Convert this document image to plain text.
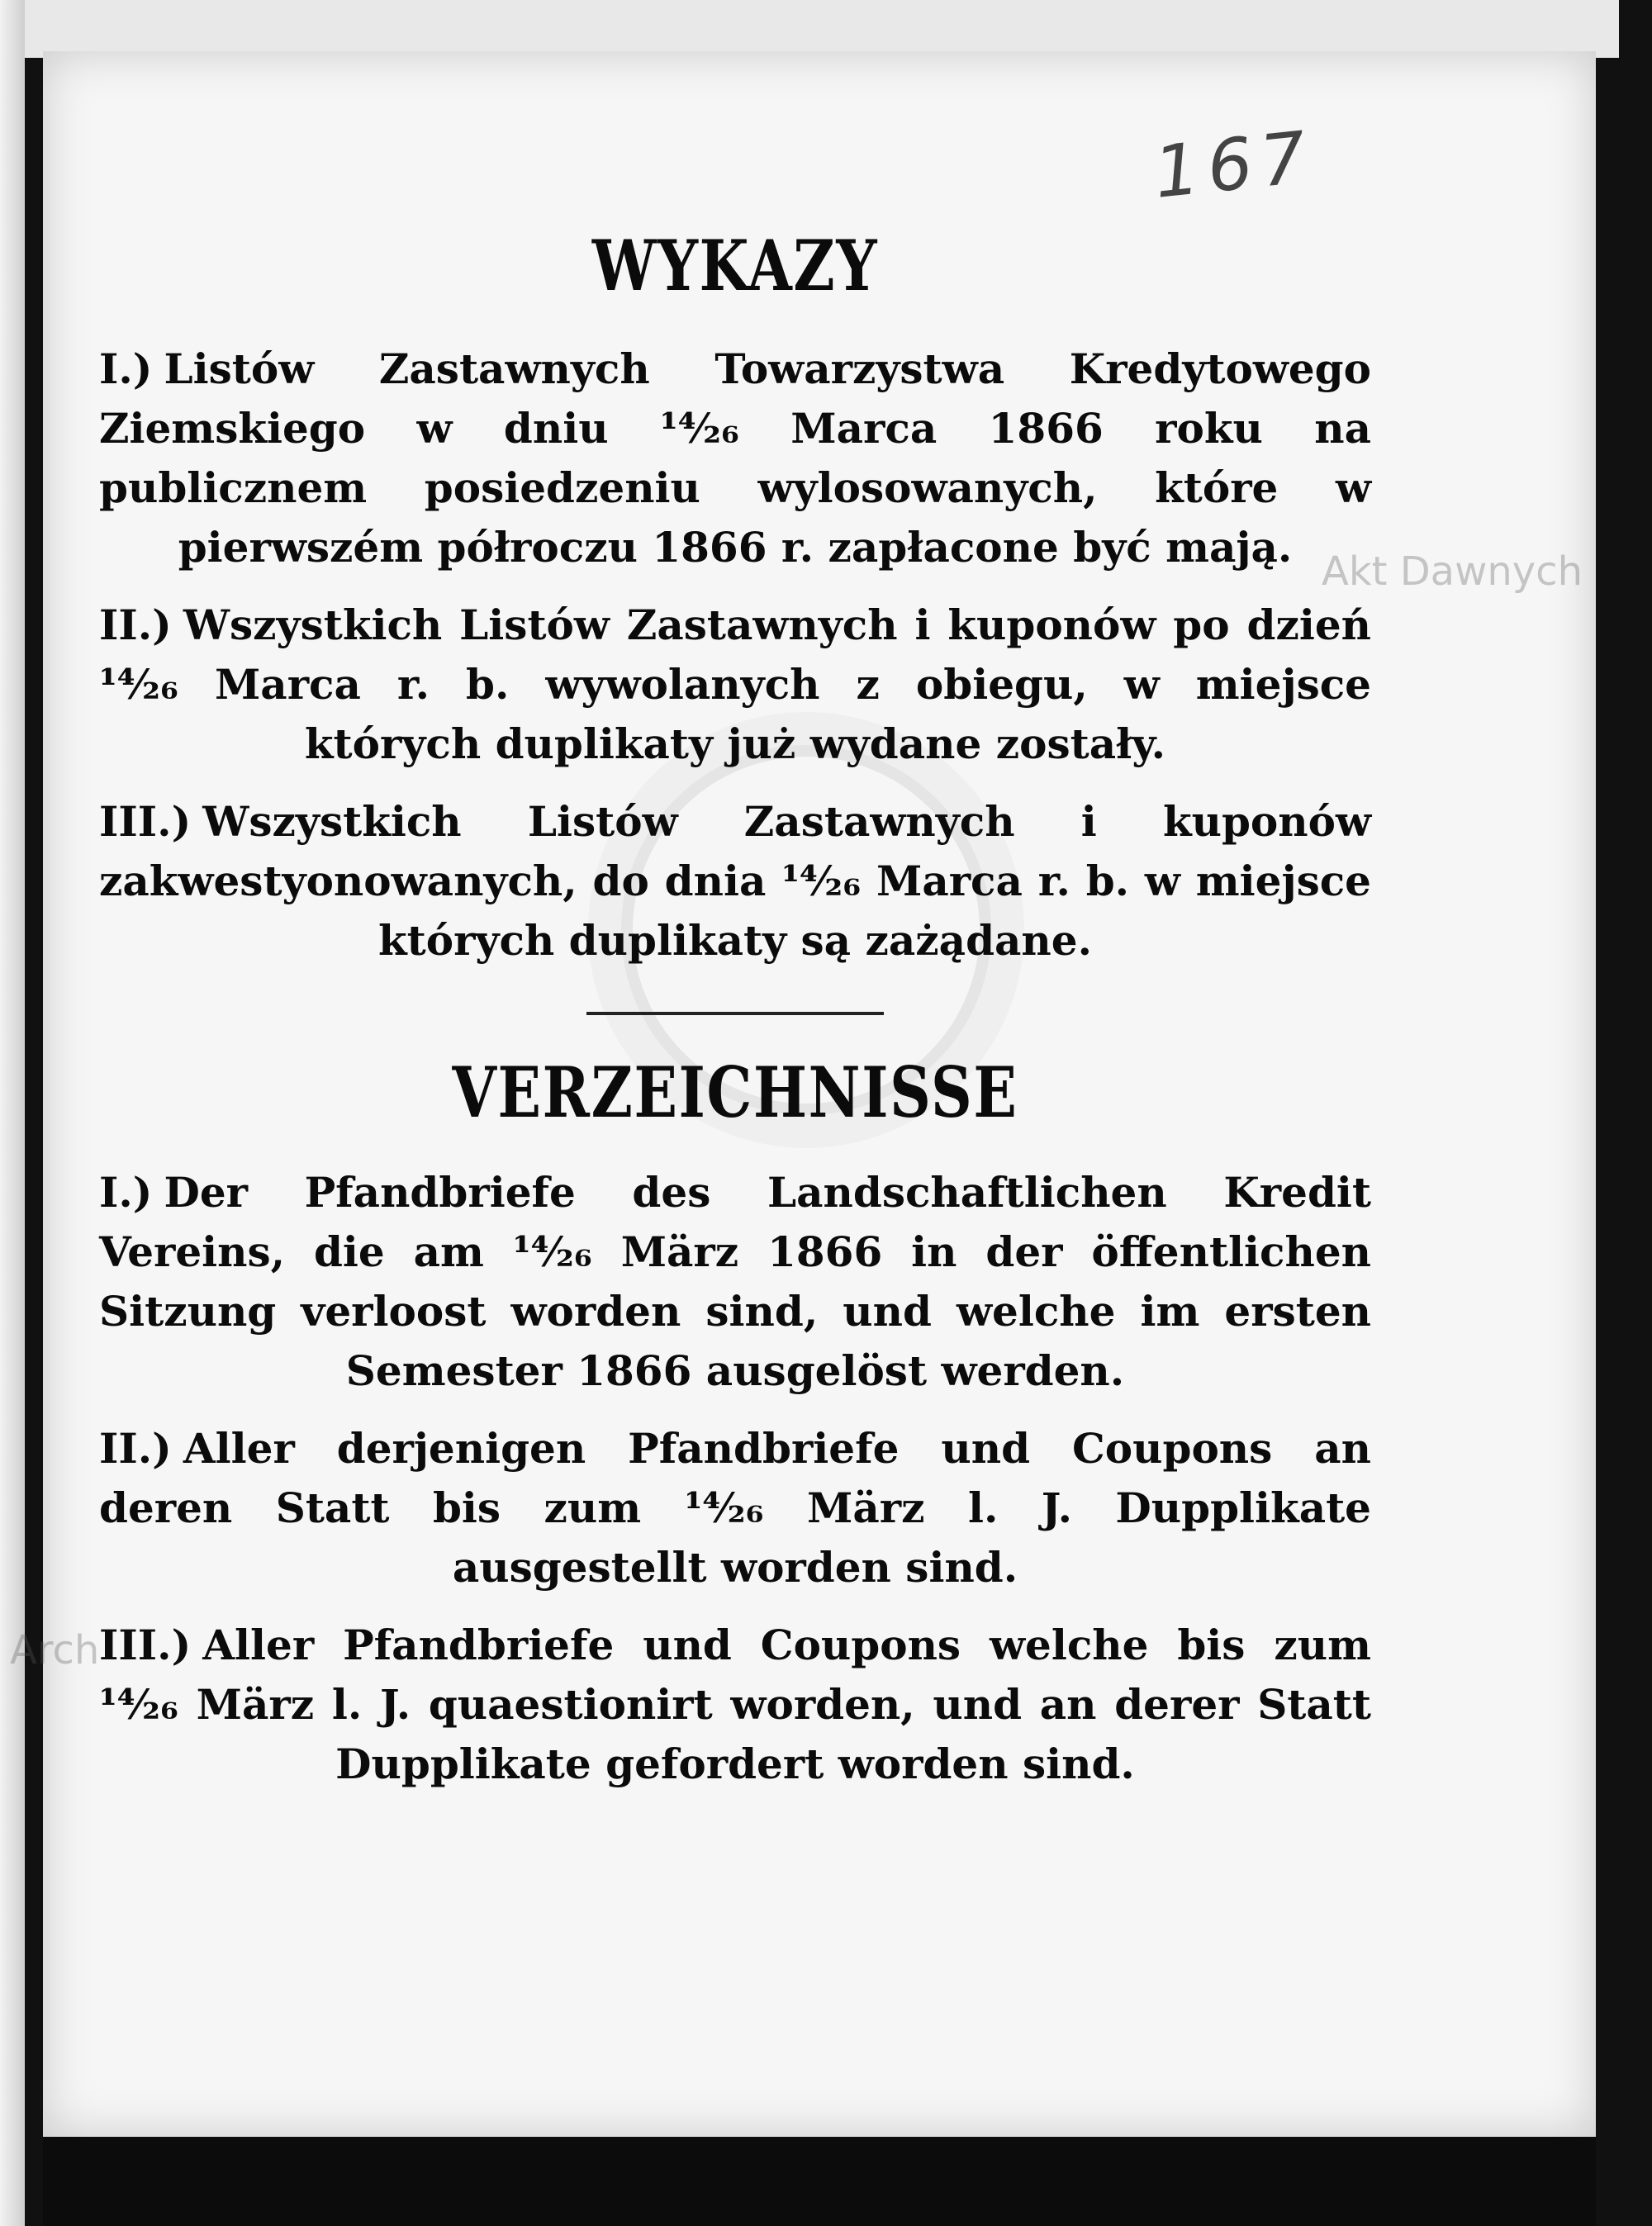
167
WYKAZY

I.) Listów Zastawnych Towarzystwa Kredytowego Ziemskiego w dniu ¹⁴⁄₂₆ Marca 1866 roku na publicznem posiedzeniu wylosowanych, które w pierwszém półroczu 1866 r. zapłacone być mają.

II.) Wszystkich Listów Zastawnych i kuponów po dzień ¹⁴⁄₂₆ Marca r. b. wywolanych z obiegu, w miejsce których duplikaty już wydane zostały.

III.) Wszystkich Listów Zastawnych i kuponów zakwestyonowanych, do dnia ¹⁴⁄₂₆ Marca r. b. w miejsce których duplikaty są zażądane.

VERZEICHNISSE

I.) Der Pfandbriefe des Landschaftlichen Kredit Vereins, die am ¹⁴⁄₂₆ März 1866 in der öffentlichen Sitzung verloost worden sind, und welche im ersten Semester 1866 ausgelöst werden.

II.) Aller derjenigen Pfandbriefe und Coupons an deren Statt bis zum ¹⁴⁄₂₆ März l. J. Dupplikate ausgestellt worden sind.

III.) Aller Pfandbriefe und Coupons welche bis zum ¹⁴⁄₂₆ März l. J. quaestionirt worden, und an derer Statt Dupplikate gefordert worden sind.

Akt Dawnych
Arch
